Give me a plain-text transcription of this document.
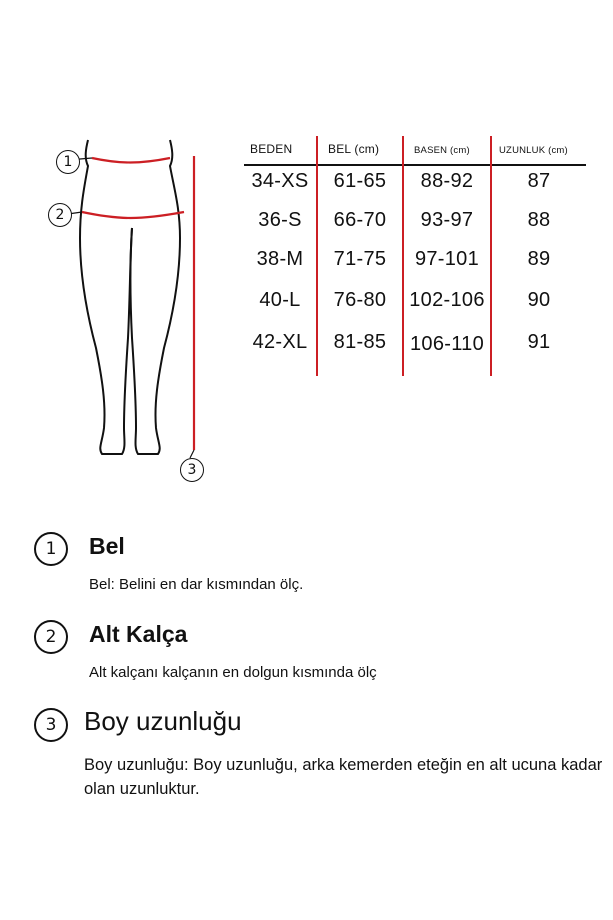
1
2
3
BEDEN	BEL (cm)	BASEN (cm)	UZUNLUK (cm)
34-XS	61-65	88-92	87
36-S	66-70	93-97	88
38-M	71-75	97-101	89
40-L	76-80	102-106	90
42-XL	81-85	106-110	91
1	Bel
Bel: Belini en dar kısmından ölç.
2	Alt Kalça
Alt kalçanı kalçanın en dolgun kısmında ölç
3	Boy uzunluğu
Boy uzunluğu: Boy uzunluğu, arka kemerden eteğin en alt ucuna kadar olan uzunluktur.
